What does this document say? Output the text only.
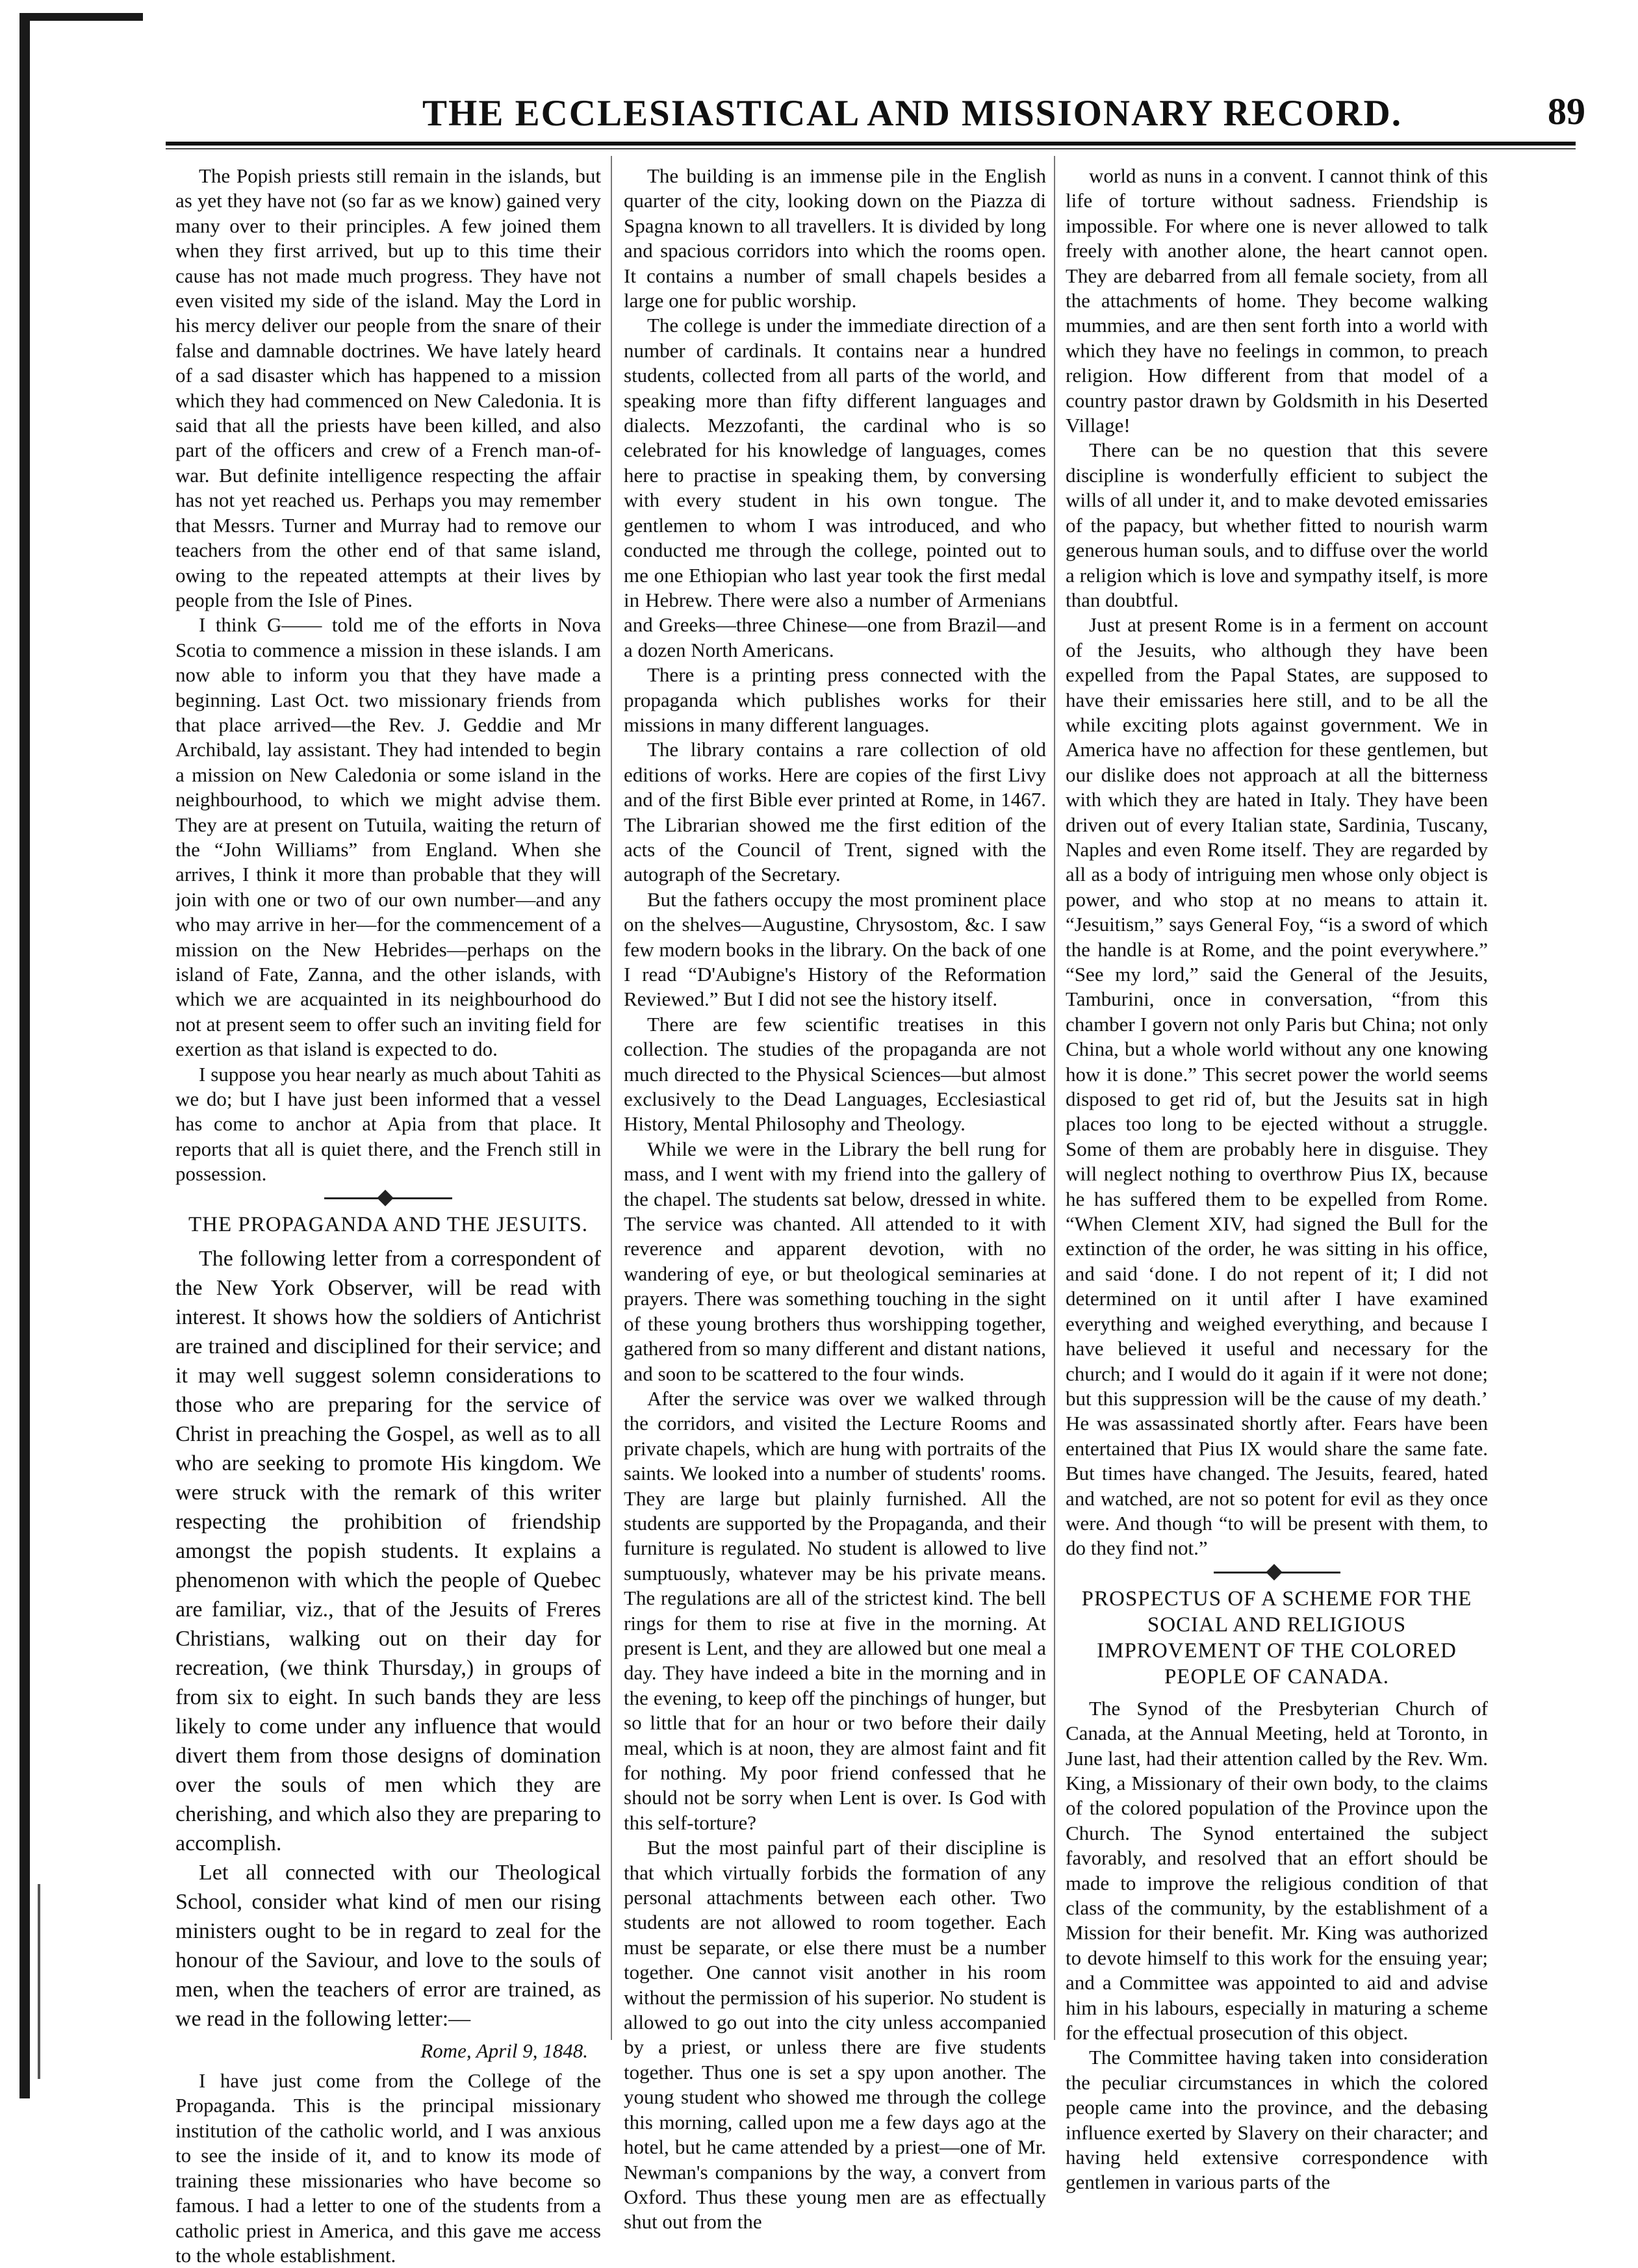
THE ECCLESIASTICAL AND MISSIONARY RECORD.	89

The Popish priests still remain in the islands, but as yet they have not (so far as we know) gained very many over to their principles. A few joined them when they first arrived, but up to this time their cause has not made much progress. They have not even visited my side of the island. May the Lord in his mercy deliver our people from the snare of their false and damnable doctrines. We have lately heard of a sad disaster which has happened to a mission which they had commenced on New Caledonia. It is said that all the priests have been killed, and also part of the officers and crew of a French man-of-war. But definite intelligence respecting the affair has not yet reached us. Perhaps you may remember that Messrs. Turner and Murray had to remove our teachers from the other end of that same island, owing to the repeated attempts at their lives by people from the Isle of Pines.

I think G—— told me of the efforts in Nova Scotia to commence a mission in these islands. I am now able to inform you that they have made a beginning. Last Oct. two missionary friends from that place arrived—the Rev. J. Geddie and Mr Archibald, lay assistant. They had intended to begin a mission on New Caledonia or some island in the neighbourhood, to which we might advise them. They are at present on Tutuila, waiting the return of the “John Williams” from England. When she arrives, I think it more than probable that they will join with one or two of our own number—and any who may arrive in her—for the commencement of a mission on the New Hebrides—perhaps on the island of Fate, Zanna, and the other islands, with which we are acquainted in its neighbourhood do not at present seem to offer such an inviting field for exertion as that island is expected to do.

I suppose you hear nearly as much about Tahiti as we do; but I have just been informed that a vessel has come to anchor at Apia from that place. It reports that all is quiet there, and the French still in possession.

THE PROPAGANDA AND THE JESUITS.

The following letter from a correspondent of the New York Observer, will be read with interest. It shows how the soldiers of Antichrist are trained and disciplined for their service; and it may well suggest solemn considerations to those who are preparing for the service of Christ in preaching the Gospel, as well as to all who are seeking to promote His kingdom. We were struck with the remark of this writer respecting the prohibition of friendship amongst the popish students. It explains a phenomenon with which the people of Quebec are familiar, viz., that of the Jesuits of Freres Christians, walking out on their day for recreation, (we think Thursday,) in groups of from six to eight. In such bands they are less likely to come under any influence that would divert them from those designs of domination over the souls of men which they are cherishing, and which also they are preparing to accomplish.

Let all connected with our Theological School, consider what kind of men our rising ministers ought to be in regard to zeal for the honour of the Saviour, and love to the souls of men, when the teachers of error are trained, as we read in the following letter:—

Rome, April 9, 1848.

I have just come from the College of the Propaganda. This is the principal missionary institution of the catholic world, and I was anxious to see the inside of it, and to know its mode of training these missionaries who have become so famous. I had a letter to one of the students from a catholic priest in America, and this gave me access to the whole establishment.

The building is an immense pile in the English quarter of the city, looking down on the Piazza di Spagna known to all travellers. It is divided by long and spacious corridors into which the rooms open. It contains a number of small chapels besides a large one for public worship.

The college is under the immediate direction of a number of cardinals. It contains near a hundred students, collected from all parts of the world, and speaking more than fifty different languages and dialects. Mezzofanti, the cardinal who is so celebrated for his knowledge of languages, comes here to practise in speaking them, by conversing with every student in his own tongue. The gentlemen to whom I was introduced, and who conducted me through the college, pointed out to me one Ethiopian who last year took the first medal in Hebrew. There were also a number of Armenians and Greeks—three Chinese—one from Brazil—and a dozen North Americans.

There is a printing press connected with the propaganda which publishes works for their missions in many different languages.

The library contains a rare collection of old editions of works. Here are copies of the first Livy and of the first Bible ever printed at Rome, in 1467. The Librarian showed me the first edition of the acts of the Council of Trent, signed with the autograph of the Secretary.

But the fathers occupy the most prominent place on the shelves—Augustine, Chrysostom, &c. I saw few modern books in the library. On the back of one I read “D'Aubigne's History of the Reformation Reviewed.” But I did not see the history itself.

There are few scientific treatises in this collection. The studies of the propaganda are not much directed to the Physical Sciences—but almost exclusively to the Dead Languages, Ecclesiastical History, Mental Philosophy and Theology.

While we were in the Library the bell rung for mass, and I went with my friend into the gallery of the chapel. The students sat below, dressed in white. The service was chanted. All attended to it with reverence and apparent devotion, with no wandering of eye, or but theological seminaries at prayers. There was something touching in the sight of these young brothers thus worshipping together, gathered from so many different and distant nations, and soon to be scattered to the four winds.

After the service was over we walked through the corridors, and visited the Lecture Rooms and private chapels, which are hung with portraits of the saints. We looked into a number of students' rooms. They are large but plainly furnished. All the students are supported by the Propaganda, and their furniture is regulated. No student is allowed to live sumptuously, whatever may be his private means. The regulations are all of the strictest kind. The bell rings for them to rise at five in the morning. At present is Lent, and they are allowed but one meal a day. They have indeed a bite in the morning and in the evening, to keep off the pinchings of hunger, but so little that for an hour or two before their daily meal, which is at noon, they are almost faint and fit for nothing. My poor friend confessed that he should not be sorry when Lent is over. Is God with this self-torture?

But the most painful part of their discipline is that which virtually forbids the formation of any personal attachments between each other. Two students are not allowed to room together. Each must be separate, or else there must be a number together. One cannot visit another in his room without the permission of his superior. No student is allowed to go out into the city unless accompanied by a priest, or unless there are five students together. Thus one is set a spy upon another. The young student who showed me through the college this morning, called upon me a few days ago at the hotel, but he came attended by a priest—one of Mr. Newman's companions by the way, a convert from Oxford. Thus these young men are as effectually shut out from the

world as nuns in a convent. I cannot think of this life of torture without sadness. Friendship is impossible. For where one is never allowed to talk freely with another alone, the heart cannot open. They are debarred from all female society, from all the attachments of home. They become walking mummies, and are then sent forth into a world with which they have no feelings in common, to preach religion. How different from that model of a country pastor drawn by Goldsmith in his Deserted Village!

There can be no question that this severe discipline is wonderfully efficient to subject the wills of all under it, and to make devoted emissaries of the papacy, but whether fitted to nourish warm generous human souls, and to diffuse over the world a religion which is love and sympathy itself, is more than doubtful.

Just at present Rome is in a ferment on account of the Jesuits, who although they have been expelled from the Papal States, are supposed to have their emissaries here still, and to be all the while exciting plots against government. We in America have no affection for these gentlemen, but our dislike does not approach at all the bitterness with which they are hated in Italy. They have been driven out of every Italian state, Sardinia, Tuscany, Naples and even Rome itself. They are regarded by all as a body of intriguing men whose only object is power, and who stop at no means to attain it. “Jesuitism,” says General Foy, “is a sword of which the handle is at Rome, and the point everywhere.” “See my lord,” said the General of the Jesuits, Tamburini, once in conversation, “from this chamber I govern not only Paris but China; not only China, but a whole world without any one knowing how it is done.” This secret power the world seems disposed to get rid of, but the Jesuits sat in high places too long to be ejected without a struggle. Some of them are probably here in disguise. They will neglect nothing to overthrow Pius IX, because he has suffered them to be expelled from Rome. “When Clement XIV, had signed the Bull for the extinction of the order, he was sitting in his office, and said ‘done. I do not repent of it; I did not determined on it until after I have examined everything and weighed everything, and because I have believed it useful and necessary for the church; and I would do it again if it were not done; but this suppression will be the cause of my death.’ He was assassinated shortly after. Fears have been entertained that Pius IX would share the same fate. But times have changed. The Jesuits, feared, hated and watched, are not so potent for evil as they once were. And though “to will be present with them, to do they find not.”

PROSPECTUS OF A SCHEME FOR THE SOCIAL AND RELIGIOUS IMPROVEMENT OF THE COLORED PEOPLE OF CANADA.

The Synod of the Presbyterian Church of Canada, at the Annual Meeting, held at Toronto, in June last, had their attention called by the Rev. Wm. King, a Missionary of their own body, to the claims of the colored population of the Province upon the Church. The Synod entertained the subject favorably, and resolved that an effort should be made to improve the religious condition of that class of the community, by the establishment of a Mission for their benefit. Mr. King was authorized to devote himself to this work for the ensuing year; and a Committee was appointed to aid and advise him in his labours, especially in maturing a scheme for the effectual prosecution of this object.

The Committee having taken into consideration the peculiar circumstances in which the colored people came into the province, and the debasing influence exerted by Slavery on their character; and having held extensive correspondence with gentlemen in various parts of the
